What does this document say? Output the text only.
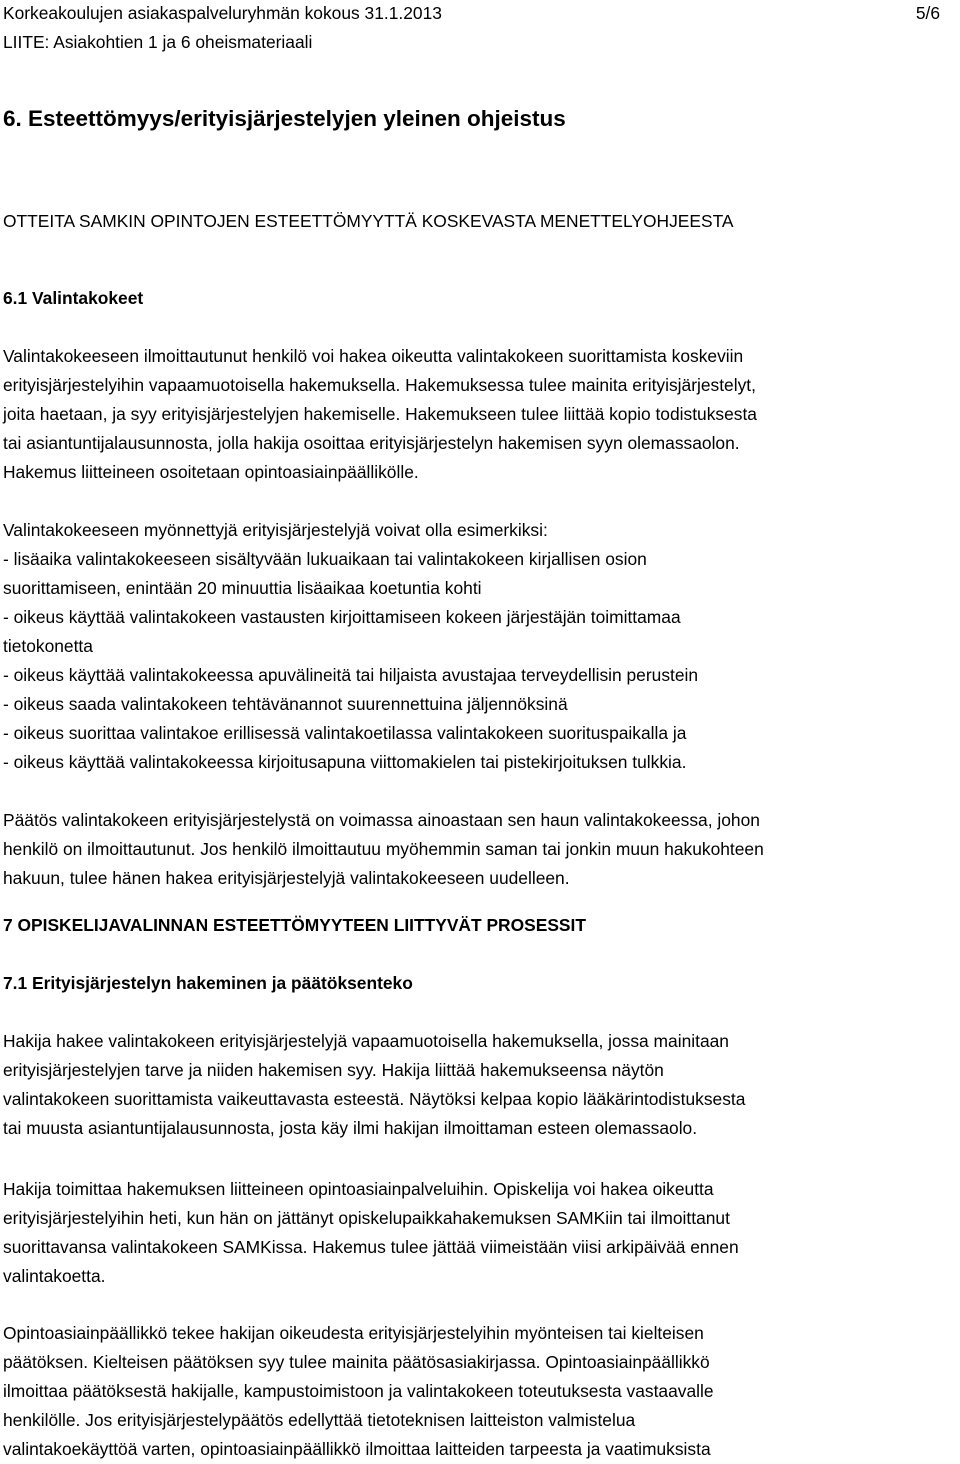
Korkeakoulujen asiakaspalveluryhmän kokous 31.1.2013	5/6
LIITE: Asiakohtien 1 ja 6 oheismateriaali
6. Esteettömyys/erityisjärjestelyjen yleinen ohjeistus
OTTEITA SAMKIN OPINTOJEN ESTEETTÖMYYTTÄ KOSKEVASTA MENETTELYOHJEESTA
6.1 Valintakokeet
Valintakokeeseen ilmoittautunut henkilö voi hakea oikeutta valintakokeen suorittamista koskeviin
erityisjärjestelyihin vapaamuotoisella hakemuksella. Hakemuksessa tulee mainita erityisjärjestelyt,
joita haetaan, ja syy erityisjärjestelyjen hakemiselle. Hakemukseen tulee liittää kopio todistuksesta
tai asiantuntijalausunnosta, jolla hakija osoittaa erityisjärjestelyn hakemisen syyn olemassaolon.
Hakemus liitteineen osoitetaan opintoasiainpäällikölle.
Valintakokeeseen myönnettyjä erityisjärjestelyjä voivat olla esimerkiksi:
- lisäaika valintakokeeseen sisältyvään lukuaikaan tai valintakokeen kirjallisen osion
suorittamiseen, enintään 20 minuuttia lisäaikaa koetuntia kohti
- oikeus käyttää valintakokeen vastausten kirjoittamiseen kokeen järjestäjän toimittamaa
tietokonetta
- oikeus käyttää valintakokeessa apuvälineitä tai hiljaista avustajaa terveydellisin perustein
- oikeus saada valintakokeen tehtävänannot suurennettuina jäljennöksinä
- oikeus suorittaa valintakoe erillisessä valintakoetilassa valintakokeen suorituspaikalla ja
- oikeus käyttää valintakokeessa kirjoitusapuna viittomakielen tai pistekirjoituksen tulkkia.
Päätös valintakokeen erityisjärjestelystä on voimassa ainoastaan sen haun valintakokeessa, johon
henkilö on ilmoittautunut. Jos henkilö ilmoittautuu myöhemmin saman tai jonkin muun hakukohteen
hakuun, tulee hänen hakea erityisjärjestelyjä valintakokeeseen uudelleen.
7 OPISKELIJAVALINNAN ESTEETTÖMYYTEEN LIITTYVÄT PROSESSIT
7.1 Erityisjärjestelyn hakeminen ja päätöksenteko
Hakija hakee valintakokeen erityisjärjestelyjä vapaamuotoisella hakemuksella, jossa mainitaan
erityisjärjestelyjen tarve ja niiden hakemisen syy. Hakija liittää hakemukseensa näytön
valintakokeen suorittamista vaikeuttavasta esteestä. Näytöksi kelpaa kopio lääkärintodistuksesta
tai muusta asiantuntijalausunnosta, josta käy ilmi hakijan ilmoittaman esteen olemassaolo.
Hakija toimittaa hakemuksen liitteineen opintoasiainpalveluihin. Opiskelija voi hakea oikeutta
erityisjärjestelyihin heti, kun hän on jättänyt opiskelupaikkahakemuksen SAMKiin tai ilmoittanut
suorittavansa valintakokeen SAMKissa. Hakemus tulee jättää viimeistään viisi arkipäivää ennen
valintakoetta.
Opintoasiainpäällikkö tekee hakijan oikeudesta erityisjärjestelyihin myönteisen tai kielteisen
päätöksen. Kielteisen päätöksen syy tulee mainita päätösasiakirjassa. Opintoasiainpäällikkö
ilmoittaa päätöksestä hakijalle, kampustoimistoon ja valintakokeen toteutuksesta vastaavalle
henkilölle. Jos erityisjärjestelypäätös edellyttää tietoteknisen laitteiston valmistelua
valintakoekäyttöä varten, opintoasiainpäällikkö ilmoittaa laitteiden tarpeesta ja vaatimuksista
